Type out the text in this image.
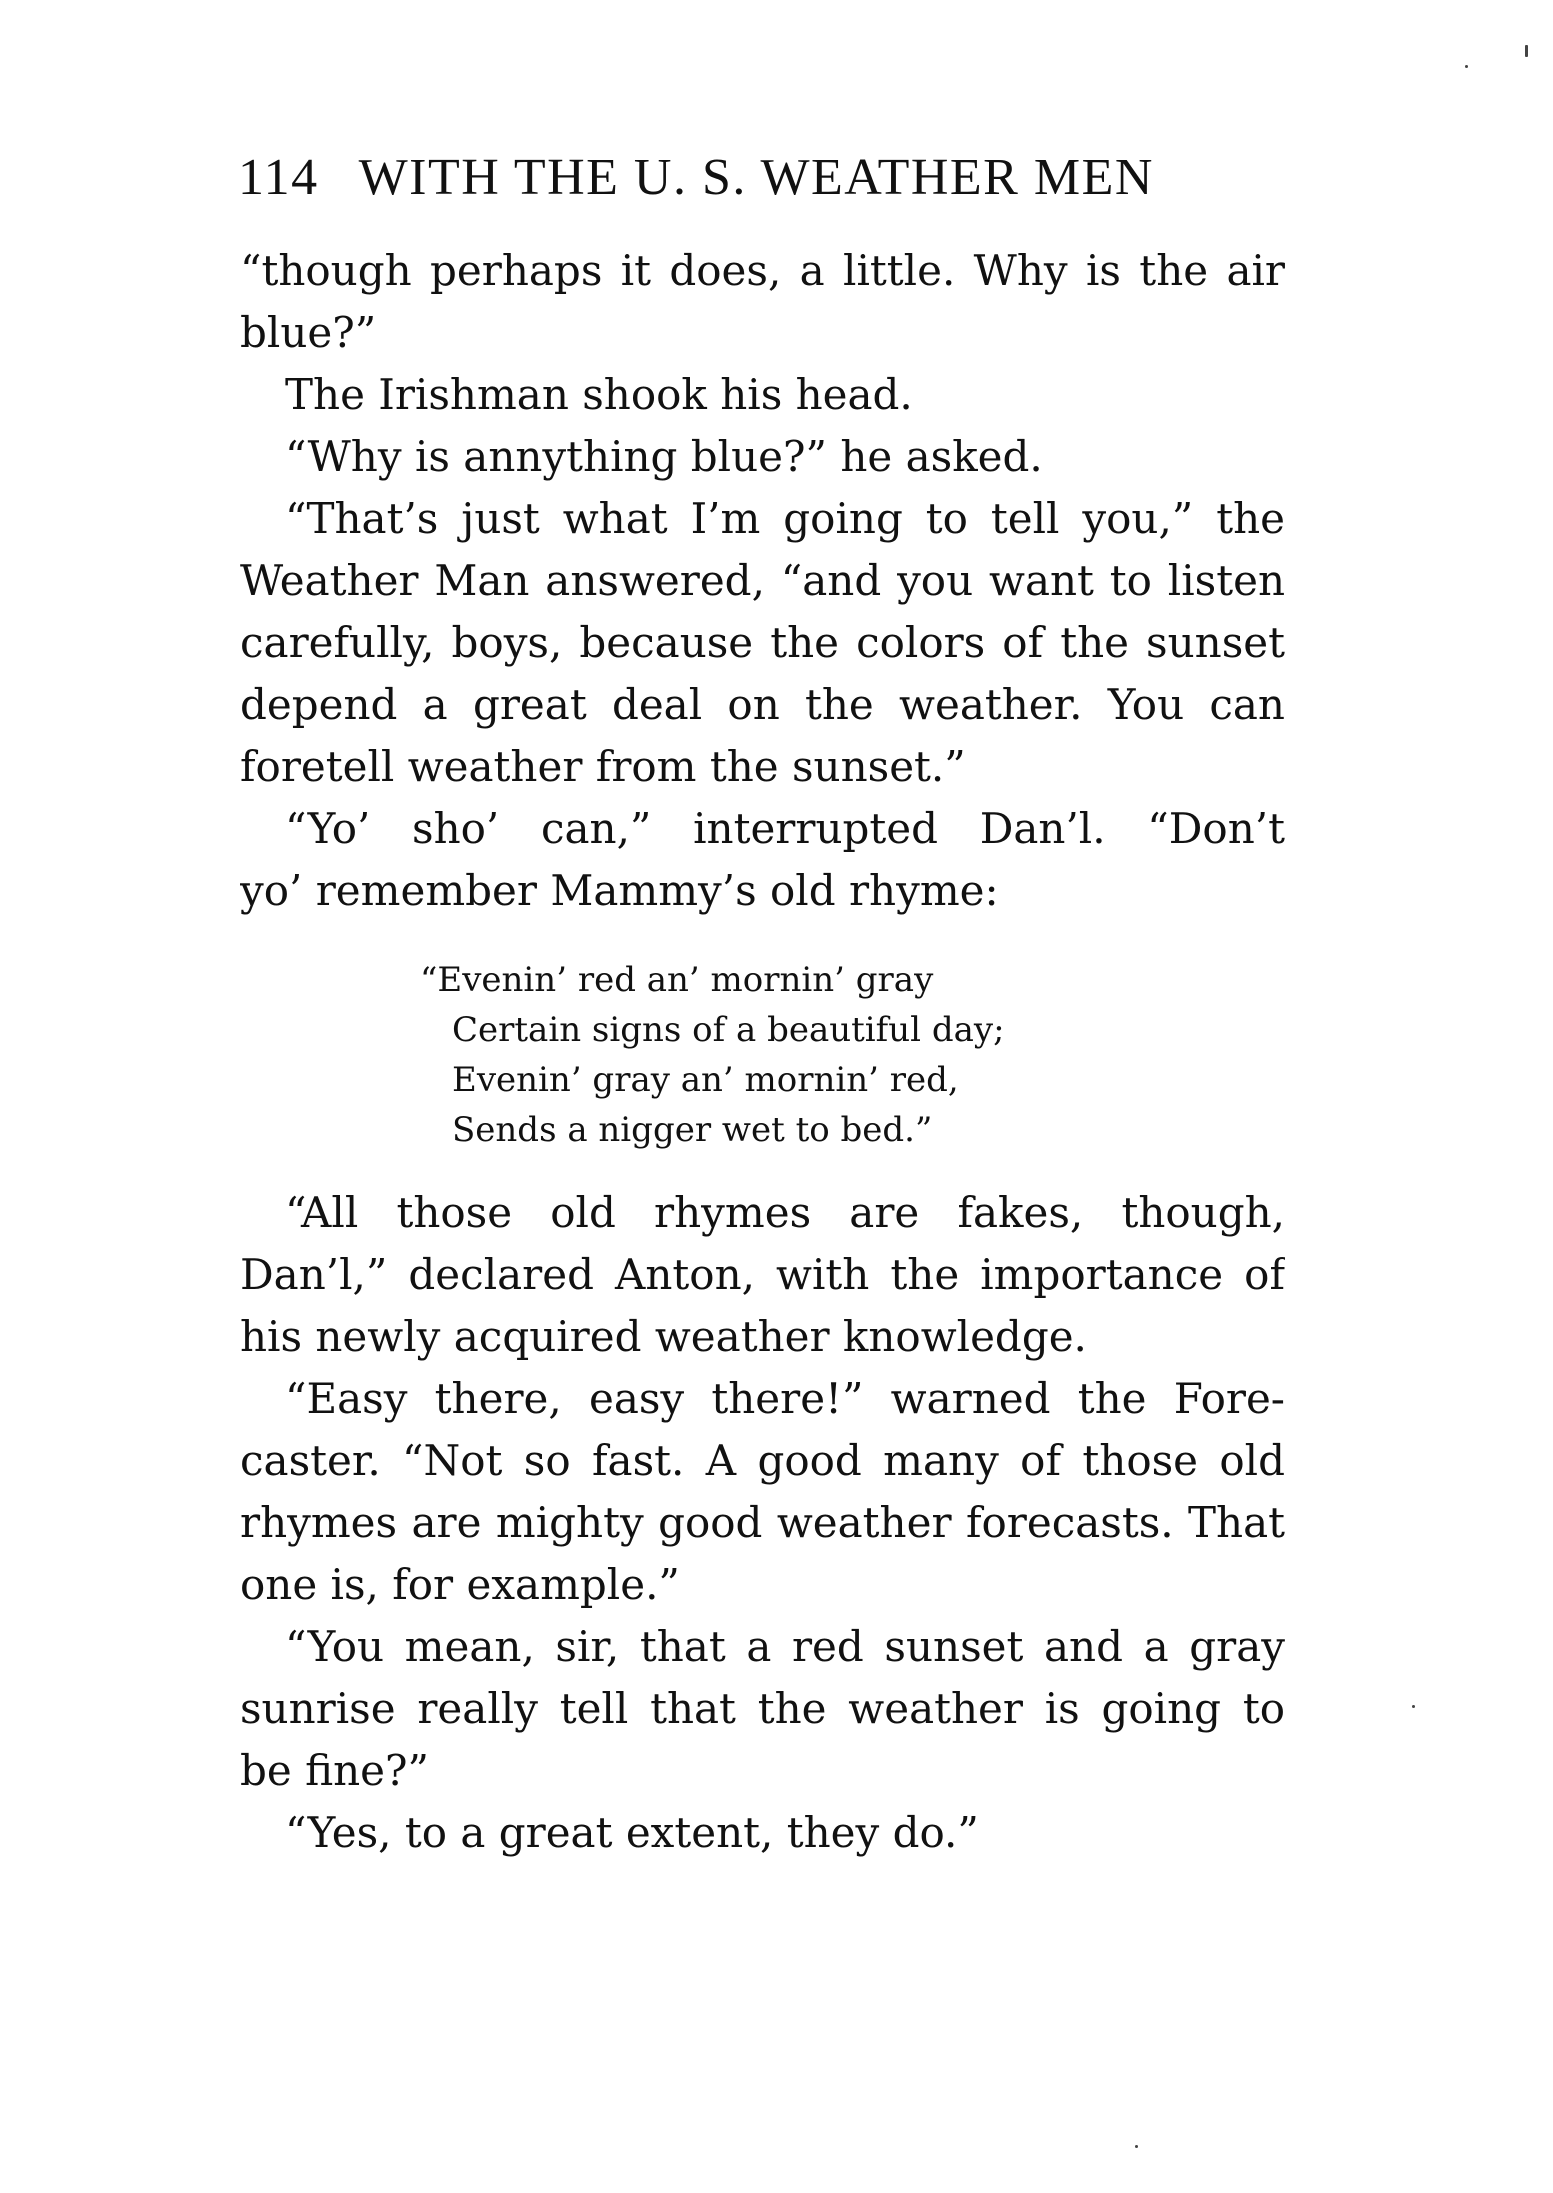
114 WITH THE U. S. WEATHER MEN
“though perhaps it does, a little. Why is the air
blue?”
The Irishman shook his head.
“Why is annything blue?” he asked.
“That’s just what I’m going to tell you,” the
Weather Man answered, “and you want to listen
carefully, boys, because the colors of the sunset
depend a great deal on the weather. You can
foretell weather from the sunset.”
“Yo’ sho’ can,” interrupted Dan’l. “Don’t
yo’ remember Mammy’s old rhyme:
“Evenin’ red an’ mornin’ gray
Certain signs of a beautiful day;
Evenin’ gray an’ mornin’ red,
Sends a nigger wet to bed.”
“All those old rhymes are fakes, though,
Dan’l,” declared Anton, with the importance of
his newly acquired weather knowledge.
“Easy there, easy there!” warned the Fore-
caster. “Not so fast. A good many of those old
rhymes are mighty good weather forecasts. That
one is, for example.”
“You mean, sir, that a red sunset and a gray
sunrise really tell that the weather is going to
be fine?”
“Yes, to a great extent, they do.”
